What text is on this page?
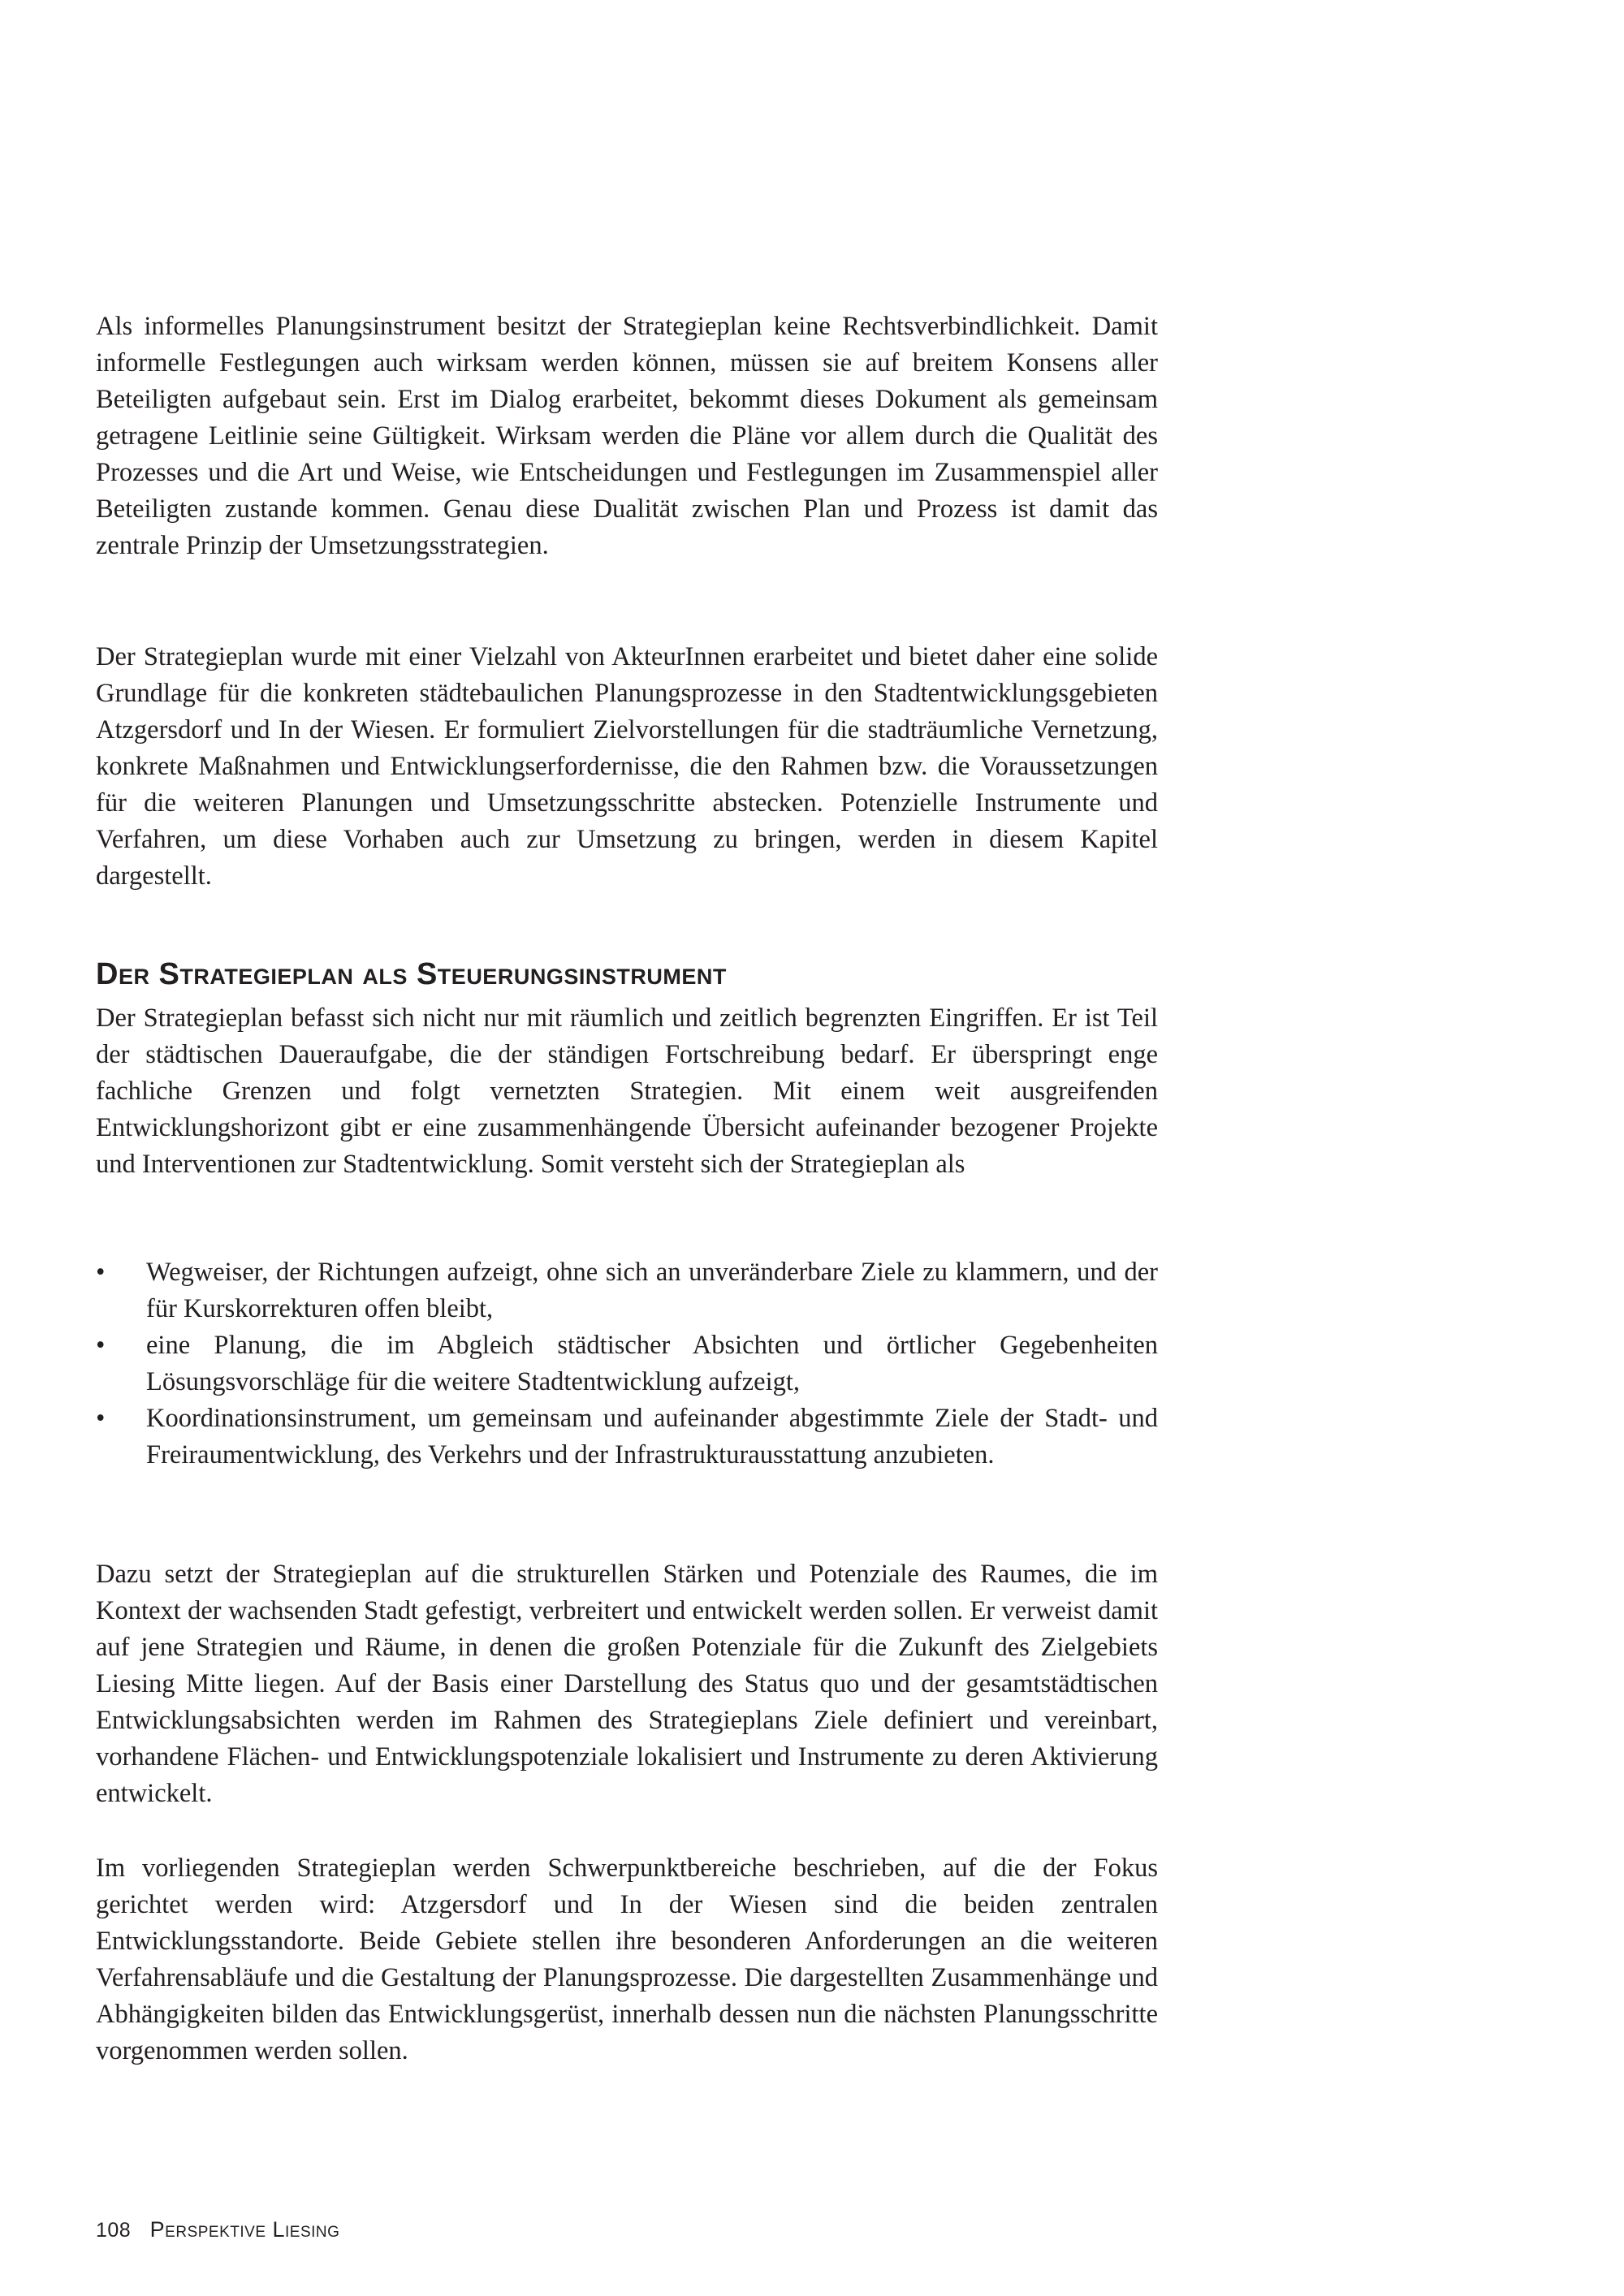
Als informelles Planungsinstrument besitzt der Strategieplan keine Rechtsverbindlichkeit. Damit informelle Festlegungen auch wirksam werden können, müssen sie auf breitem Konsens aller Beteiligten aufgebaut sein. Erst im Dialog erarbeitet, bekommt dieses Dokument als gemeinsam getragene Leitlinie seine Gültigkeit. Wirksam werden die Pläne vor allem durch die Qualität des Prozesses und die Art und Weise, wie Entscheidungen und Festlegungen im Zusammenspiel aller Beteiligten zustande kommen. Genau diese Dualität zwischen Plan und Prozess ist damit das zentrale Prinzip der Umsetzungsstrategien.

Der Strategieplan wurde mit einer Vielzahl von AkteurInnen erarbeitet und bietet daher eine solide Grundlage für die konkreten städtebaulichen Planungsprozesse in den Stadtentwicklungsgebieten Atzgersdorf und In der Wiesen. Er formuliert Zielvorstellungen für die stadträumliche Vernetzung, konkrete Maßnahmen und Entwicklungserfordernisse, die den Rahmen bzw. die Voraussetzungen für die weiteren Planungen und Umsetzungsschritte abstecken. Potenzielle Instrumente und Verfahren, um diese Vorhaben auch zur Umsetzung zu bringen, werden in diesem Kapitel dargestellt.

Der Strategieplan als Steuerungsinstrument

Der Strategieplan befasst sich nicht nur mit räumlich und zeitlich begrenzten Eingriffen. Er ist Teil der städtischen Daueraufgabe, die der ständigen Fortschreibung bedarf. Er überspringt enge fachliche Grenzen und folgt vernetzten Strategien. Mit einem weit ausgreifenden Entwicklungshorizont gibt er eine zusammenhängende Übersicht aufeinander bezogener Projekte und Interventionen zur Stadtentwicklung. Somit versteht sich der Strategieplan als

• Wegweiser, der Richtungen aufzeigt, ohne sich an unveränderbare Ziele zu klammern, und der für Kurskorrekturen offen bleibt,
• eine Planung, die im Abgleich städtischer Absichten und örtlicher Gegebenheiten Lösungsvorschläge für die weitere Stadtentwicklung aufzeigt,
• Koordinationsinstrument, um gemeinsam und aufeinander abgestimmte Ziele der Stadt- und Freiraumentwicklung, des Verkehrs und der Infrastrukturausstattung anzubieten.

Dazu setzt der Strategieplan auf die strukturellen Stärken und Potenziale des Raumes, die im Kontext der wachsenden Stadt gefestigt, verbreitert und entwickelt werden sollen. Er verweist damit auf jene Strategien und Räume, in denen die großen Potenziale für die Zukunft des Zielgebiets Liesing Mitte liegen. Auf der Basis einer Darstellung des Status quo und der gesamtstädtischen Entwicklungsabsichten werden im Rahmen des Strategieplans Ziele definiert und vereinbart, vorhandene Flächen- und Entwicklungspotenziale lokalisiert und Instrumente zu deren Aktivierung entwickelt.

Im vorliegenden Strategieplan werden Schwerpunktbereiche beschrieben, auf die der Fokus gerichtet werden wird: Atzgersdorf und In der Wiesen sind die beiden zentralen Entwicklungsstandorte. Beide Gebiete stellen ihre besonderen Anforderungen an die weiteren Verfahrensabläufe und die Gestaltung der Planungsprozesse. Die dargestellten Zusammenhänge und Abhängigkeiten bilden das Entwicklungsgerüst, innerhalb dessen nun die nächsten Planungsschritte vorgenommen werden sollen.

108 Perspektive Liesing
